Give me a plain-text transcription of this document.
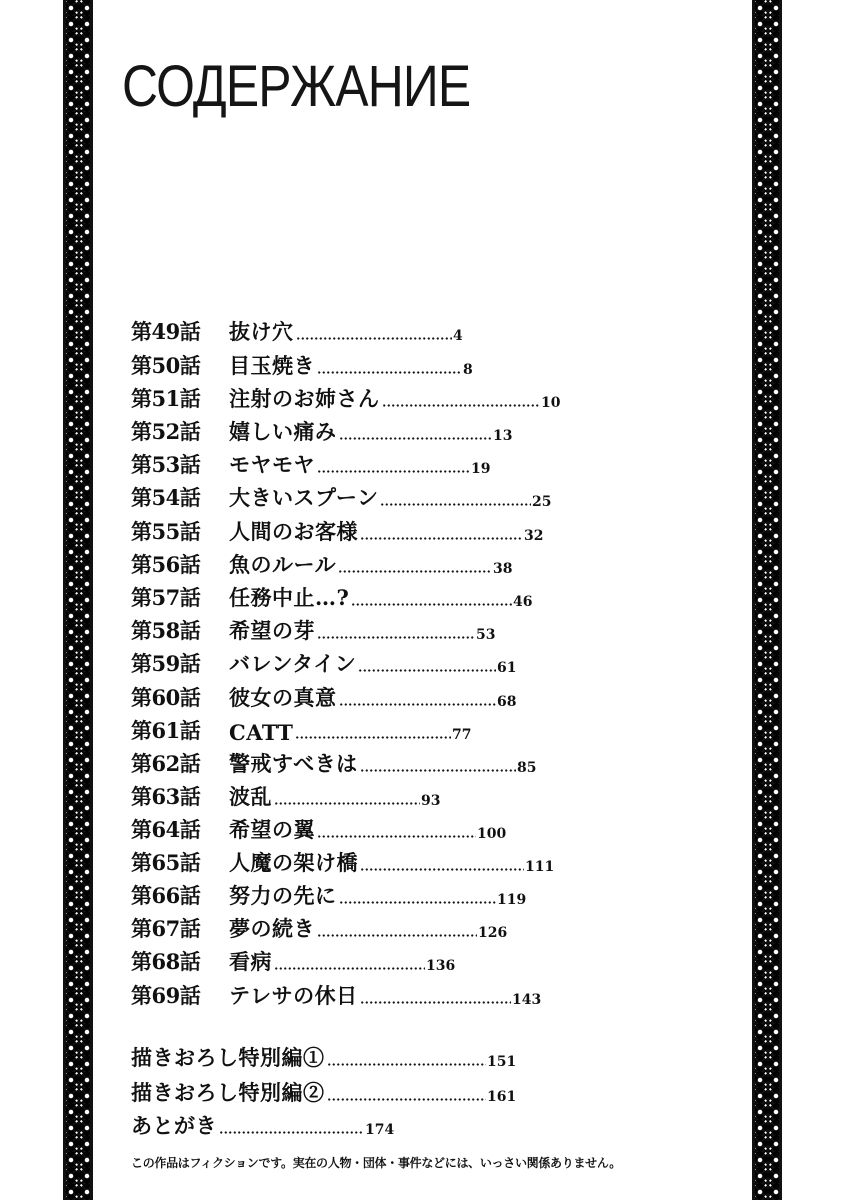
СОДЕРЖАНИЕ
第49話	抜け穴	4
第50話	目玉焼き	8
第51話	注射のお姉さん	10
第52話	嬉しい痛み	13
第53話	モヤモヤ	19
第54話	大きいスプーン	25
第55話	人間のお客様	32
第56話	魚のルール	38
第57話	任務中止…?	46
第58話	希望の芽	53
第59話	バレンタイン	61
第60話	彼女の真意	68
第61話	CATT	77
第62話	警戒すべきは	85
第63話	波乱	93
第64話	希望の翼	100
第65話	人魔の架け橋	111
第66話	努力の先に	119
第67話	夢の続き	126
第68話	看病	136
第69話	テレサの休日	143
描きおろし特別編①	151
描きおろし特別編②	161
あとがき	174
この作品はフィクションです。実在の人物・団体・事件などには、いっさい関係ありません。
